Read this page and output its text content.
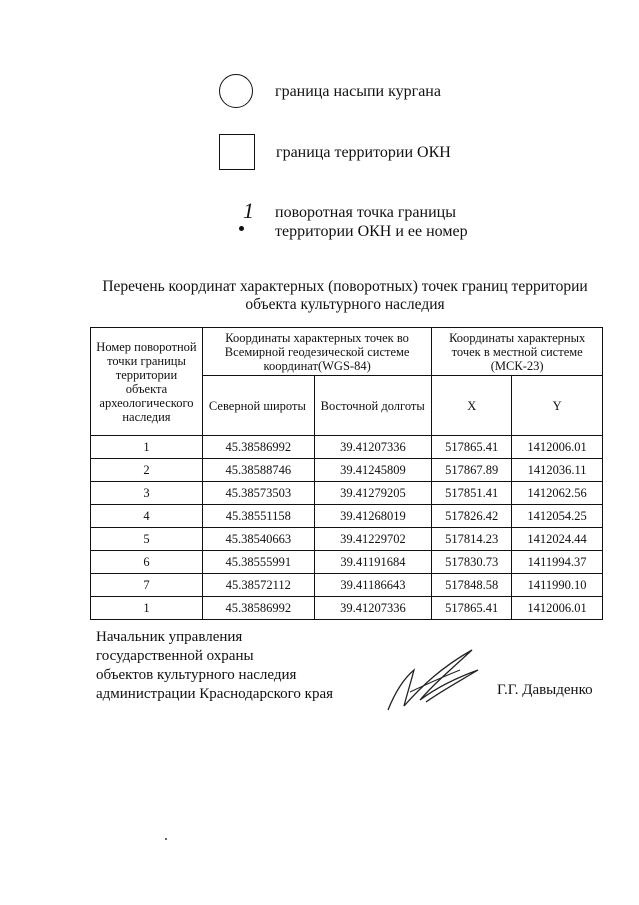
граница насыпи кургана
граница территории ОКН
1 поворотная точка границы
территории ОКН и ее номер
Перечень координат характерных (поворотных) точек границ территории
объекта культурного наследия
Номер поворотной точки границы территории объекта археологического наследия	Координаты характерных точек во Всемирной геодезической системе координат(WGS-84)		Координаты характерных точек в местной системе (МСК-23)	
	Северной широты	Восточной долготы	X	Y
1	45.38586992	39.41207336	517865.41	1412006.01
2	45.38588746	39.41245809	517867.89	1412036.11
3	45.38573503	39.41279205	517851.41	1412062.56
4	45.38551158	39.41268019	517826.42	1412054.25
5	45.38540663	39.41229702	517814.23	1412024.44
6	45.38555991	39.41191684	517830.73	1411994.37
7	45.38572112	39.41186643	517848.58	1411990.10
1	45.38586992	39.41207336	517865.41	1412006.01
Начальник управления
государственной охраны
объектов культурного наследия
администрации Краснодарского края	Г.Г. Давыденко
